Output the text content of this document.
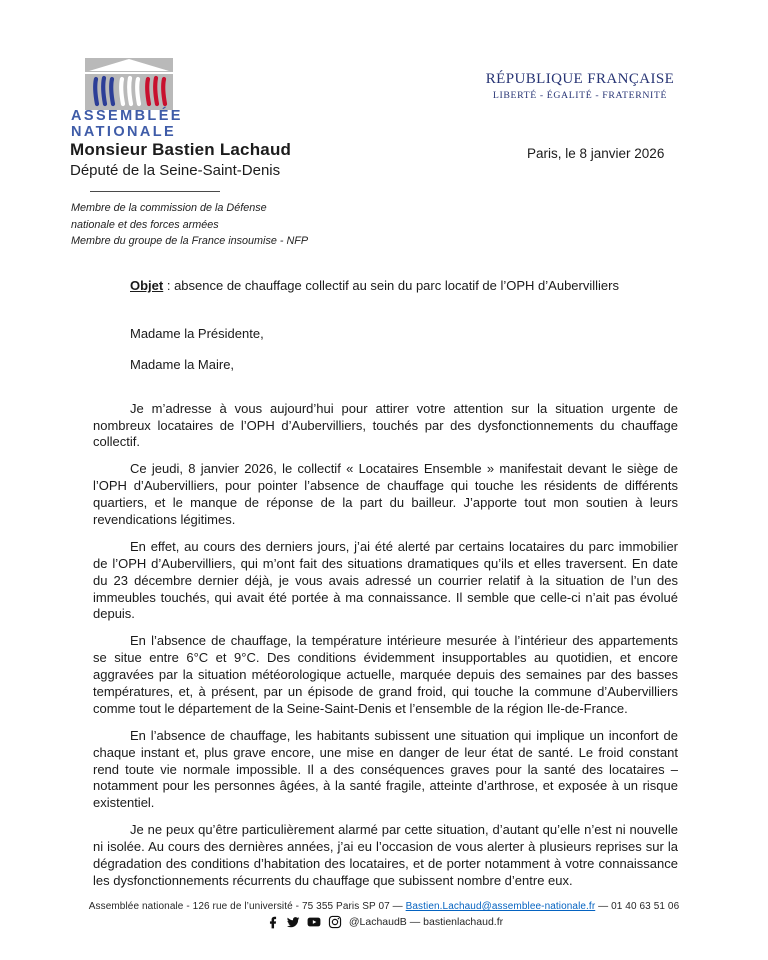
ASSEMBLÉE
NATIONALE
Monsieur Bastien Lachaud
Député de la Seine-Saint-Denis
Membre de la commission de la Défense
nationale et des forces armées
Membre du groupe de la France insoumise - NFP
RÉPUBLIQUE FRANÇAISE
LIBERTÉ - ÉGALITÉ - FRATERNITÉ
Paris, le 8 janvier 2026
Objet : absence de chauffage collectif au sein du parc locatif de l’OPH d’Aubervilliers
Madame la Présidente,
Madame la Maire,

Je m’adresse à vous aujourd’hui pour attirer votre attention sur la situation urgente de nombreux locataires de l’OPH d’Aubervilliers, touchés par des dysfonctionnements du chauffage collectif.

Ce jeudi, 8 janvier 2026, le collectif « Locataires Ensemble » manifestait devant le siège de l’OPH d’Aubervilliers, pour pointer l’absence de chauffage qui touche les résidents de différents quartiers, et le manque de réponse de la part du bailleur. J’apporte tout mon soutien à leurs revendications légitimes.

En effet, au cours des derniers jours, j’ai été alerté par certains locataires du parc immobilier de l’OPH d’Aubervilliers, qui m’ont fait des situations dramatiques qu’ils et elles traversent. En date du 23 décembre dernier déjà, je vous avais adressé un courrier relatif à la situation de l’un des immeubles touchés, qui avait été portée à ma connaissance. Il semble que celle-ci n’ait pas évolué depuis.

En l’absence de chauffage, la température intérieure mesurée à l’intérieur des appartements se situe entre 6°C et 9°C. Des conditions évidemment insupportables au quotidien, et encore aggravées par la situation météorologique actuelle, marquée depuis des semaines par des basses températures, et, à présent, par un épisode de grand froid, qui touche la commune d’Aubervilliers comme tout le département de la Seine-Saint-Denis et l’ensemble de la région Ile-de-France.

En l’absence de chauffage, les habitants subissent une situation qui implique un inconfort de chaque instant et, plus grave encore, une mise en danger de leur état de santé. Le froid constant rend toute vie normale impossible. Il a des conséquences graves pour la santé des locataires – notamment pour les personnes âgées, à la santé fragile, atteinte d’arthrose, et exposée à un risque existentiel.

Je ne peux qu’être particulièrement alarmé par cette situation, d’autant qu’elle n’est ni nouvelle ni isolée. Au cours des dernières années, j’ai eu l’occasion de vous alerter à plusieurs reprises sur la dégradation des conditions d’habitation des locataires, et de porter notamment à votre connaissance les dysfonctionnements récurrents du chauffage que subissent nombre d’entre eux.

Assemblée nationale - 126 rue de l’université - 75 355 Paris SP 07 — Bastien.Lachaud@assemblee-nationale.fr — 01 40 63 51 06
@LachaudB — bastienlachaud.fr
